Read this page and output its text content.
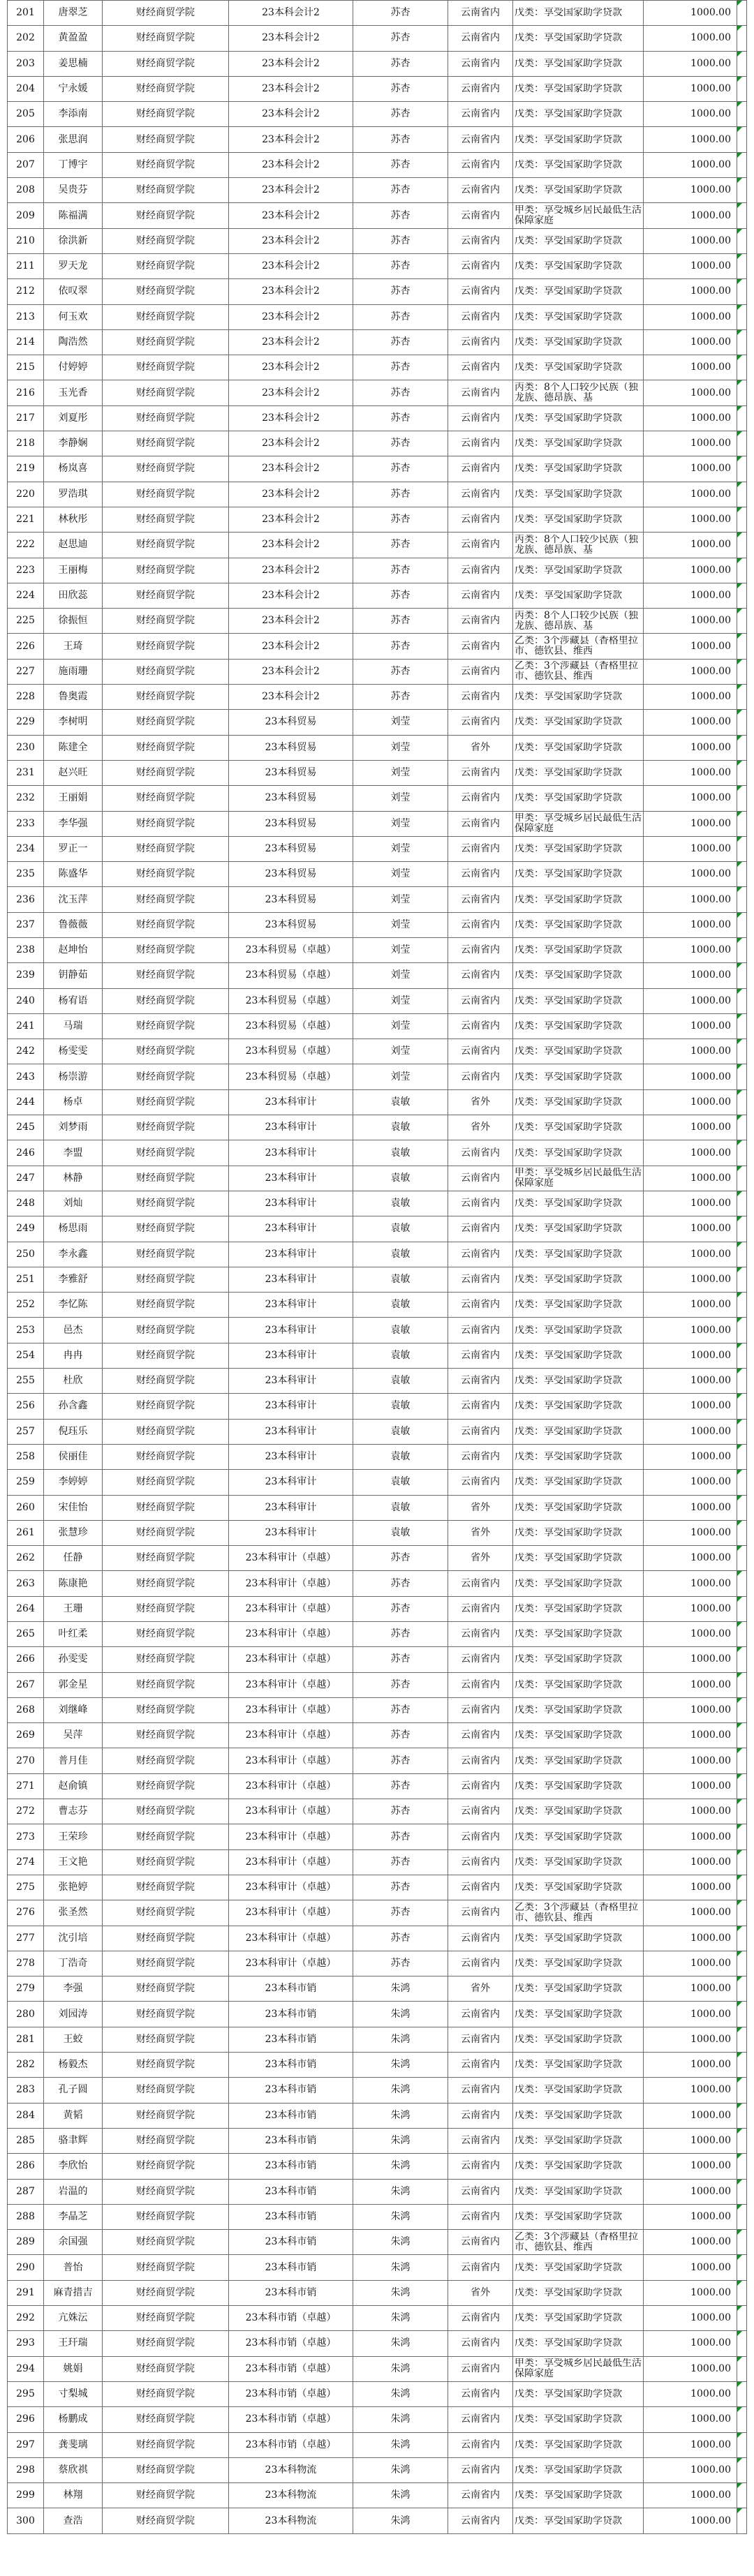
201	唐翠芝	财经商贸学院	23本科会计2	苏杏	云南省内	戊类：享受国家助学贷款	1000.00	

202	黄盈盈	财经商贸学院	23本科会计2	苏杏	云南省内	戊类：享受国家助学贷款	1000.00	

203	姜思楠	财经商贸学院	23本科会计2	苏杏	云南省内	戊类：享受国家助学贷款	1000.00	

204	宁永媛	财经商贸学院	23本科会计2	苏杏	云南省内	戊类：享受国家助学贷款	1000.00	

205	李添南	财经商贸学院	23本科会计2	苏杏	云南省内	戊类：享受国家助学贷款	1000.00	

206	张思润	财经商贸学院	23本科会计2	苏杏	云南省内	戊类：享受国家助学贷款	1000.00	

207	丁博宇	财经商贸学院	23本科会计2	苏杏	云南省内	戊类：享受国家助学贷款	1000.00	

208	吴贵芬	财经商贸学院	23本科会计2	苏杏	云南省内	戊类：享受国家助学贷款	1000.00	

209	陈福满	财经商贸学院	23本科会计2	苏杏	云南省内	甲类：享受城乡居民最低生活保障家庭	1000.00	

210	徐洪新	财经商贸学院	23本科会计2	苏杏	云南省内	戊类：享受国家助学贷款	1000.00	

211	罗天龙	财经商贸学院	23本科会计2	苏杏	云南省内	戊类：享受国家助学贷款	1000.00	

212	依叹翠	财经商贸学院	23本科会计2	苏杏	云南省内	戊类：享受国家助学贷款	1000.00	

213	何玉欢	财经商贸学院	23本科会计2	苏杏	云南省内	戊类：享受国家助学贷款	1000.00	

214	陶浩然	财经商贸学院	23本科会计2	苏杏	云南省内	戊类：享受国家助学贷款	1000.00	

215	付婷婷	财经商贸学院	23本科会计2	苏杏	云南省内	戊类：享受国家助学贷款	1000.00	

216	玉光香	财经商贸学院	23本科会计2	苏杏	云南省内	丙类：8个人口较少民族（独龙族、德昂族、基	1000.00	

217	刘夏彤	财经商贸学院	23本科会计2	苏杏	云南省内	戊类：享受国家助学贷款	1000.00	

218	李静娴	财经商贸学院	23本科会计2	苏杏	云南省内	戊类：享受国家助学贷款	1000.00	

219	杨岚喜	财经商贸学院	23本科会计2	苏杏	云南省内	戊类：享受国家助学贷款	1000.00	

220	罗浩琪	财经商贸学院	23本科会计2	苏杏	云南省内	戊类：享受国家助学贷款	1000.00	

221	林秋彤	财经商贸学院	23本科会计2	苏杏	云南省内	戊类：享受国家助学贷款	1000.00	

222	赵思迪	财经商贸学院	23本科会计2	苏杏	云南省内	丙类：8个人口较少民族（独龙族、德昂族、基	1000.00	

223	王丽梅	财经商贸学院	23本科会计2	苏杏	云南省内	戊类：享受国家助学贷款	1000.00	

224	田欣蕊	财经商贸学院	23本科会计2	苏杏	云南省内	戊类：享受国家助学贷款	1000.00	

225	徐振恒	财经商贸学院	23本科会计2	苏杏	云南省内	丙类：8个人口较少民族（独龙族、德昂族、基	1000.00	

226	王琦	财经商贸学院	23本科会计2	苏杏	云南省内	乙类：3个涉藏县（香格里拉市、德钦县、维西	1000.00	

227	施雨珊	财经商贸学院	23本科会计2	苏杏	云南省内	乙类：3个涉藏县（香格里拉市、德钦县、维西	1000.00	

228	鲁奥霞	财经商贸学院	23本科会计2	苏杏	云南省内	戊类：享受国家助学贷款	1000.00	

229	李树明	财经商贸学院	23本科贸易	刘莹	云南省内	戊类：享受国家助学贷款	1000.00	

230	陈建全	财经商贸学院	23本科贸易	刘莹	省外	戊类：享受国家助学贷款	1000.00	

231	赵兴旺	财经商贸学院	23本科贸易	刘莹	云南省内	戊类：享受国家助学贷款	1000.00	

232	王丽娟	财经商贸学院	23本科贸易	刘莹	云南省内	戊类：享受国家助学贷款	1000.00	

233	李华强	财经商贸学院	23本科贸易	刘莹	云南省内	甲类：享受城乡居民最低生活保障家庭	1000.00	

234	罗正一	财经商贸学院	23本科贸易	刘莹	云南省内	戊类：享受国家助学贷款	1000.00	

235	陈盛华	财经商贸学院	23本科贸易	刘莹	云南省内	戊类：享受国家助学贷款	1000.00	

236	沈玉萍	财经商贸学院	23本科贸易	刘莹	云南省内	戊类：享受国家助学贷款	1000.00	

237	鲁薇薇	财经商贸学院	23本科贸易	刘莹	云南省内	戊类：享受国家助学贷款	1000.00	

238	赵坤怡	财经商贸学院	23本科贸易（卓越）	刘莹	云南省内	戊类：享受国家助学贷款	1000.00	

239	钥静茹	财经商贸学院	23本科贸易（卓越）	刘莹	云南省内	戊类：享受国家助学贷款	1000.00	

240	杨宥语	财经商贸学院	23本科贸易（卓越）	刘莹	云南省内	戊类：享受国家助学贷款	1000.00	

241	马瑞	财经商贸学院	23本科贸易（卓越）	刘莹	云南省内	戊类：享受国家助学贷款	1000.00	

242	杨雯雯	财经商贸学院	23本科贸易（卓越）	刘莹	云南省内	戊类：享受国家助学贷款	1000.00	

243	杨崇游	财经商贸学院	23本科贸易（卓越）	刘莹	云南省内	戊类：享受国家助学贷款	1000.00	

244	杨卓	财经商贸学院	23本科审计	袁敏	省外	戊类：享受国家助学贷款	1000.00	

245	刘梦雨	财经商贸学院	23本科审计	袁敏	省外	戊类：享受国家助学贷款	1000.00	

246	李盟	财经商贸学院	23本科审计	袁敏	云南省内	戊类：享受国家助学贷款	1000.00	

247	林静	财经商贸学院	23本科审计	袁敏	云南省内	甲类：享受城乡居民最低生活保障家庭	1000.00	

248	刘灿	财经商贸学院	23本科审计	袁敏	云南省内	戊类：享受国家助学贷款	1000.00	

249	杨思雨	财经商贸学院	23本科审计	袁敏	云南省内	戊类：享受国家助学贷款	1000.00	

250	李永鑫	财经商贸学院	23本科审计	袁敏	云南省内	戊类：享受国家助学贷款	1000.00	

251	李雅舒	财经商贸学院	23本科审计	袁敏	云南省内	戊类：享受国家助学贷款	1000.00	

252	李忆陈	财经商贸学院	23本科审计	袁敏	云南省内	戊类：享受国家助学贷款	1000.00	

253	邑杰	财经商贸学院	23本科审计	袁敏	云南省内	戊类：享受国家助学贷款	1000.00	

254	冉冉	财经商贸学院	23本科审计	袁敏	云南省内	戊类：享受国家助学贷款	1000.00	

255	杜欣	财经商贸学院	23本科审计	袁敏	云南省内	戊类：享受国家助学贷款	1000.00	

256	孙含鑫	财经商贸学院	23本科审计	袁敏	云南省内	戊类：享受国家助学贷款	1000.00	

257	倪珏乐	财经商贸学院	23本科审计	袁敏	云南省内	戊类：享受国家助学贷款	1000.00	

258	侯丽佳	财经商贸学院	23本科审计	袁敏	云南省内	戊类：享受国家助学贷款	1000.00	

259	李婷婷	财经商贸学院	23本科审计	袁敏	云南省内	戊类：享受国家助学贷款	1000.00	

260	宋佳怡	财经商贸学院	23本科审计	袁敏	省外	戊类：享受国家助学贷款	1000.00	

261	张慧珍	财经商贸学院	23本科审计	袁敏	省外	戊类：享受国家助学贷款	1000.00	

262	任静	财经商贸学院	23本科审计（卓越）	苏杏	省外	戊类：享受国家助学贷款	1000.00	

263	陈康艳	财经商贸学院	23本科审计（卓越）	苏杏	云南省内	戊类：享受国家助学贷款	1000.00	

264	王珊	财经商贸学院	23本科审计（卓越）	苏杏	云南省内	戊类：享受国家助学贷款	1000.00	

265	叶红柔	财经商贸学院	23本科审计（卓越）	苏杏	云南省内	戊类：享受国家助学贷款	1000.00	

266	孙雯雯	财经商贸学院	23本科审计（卓越）	苏杏	云南省内	戊类：享受国家助学贷款	1000.00	

267	郭金星	财经商贸学院	23本科审计（卓越）	苏杏	云南省内	戊类：享受国家助学贷款	1000.00	

268	刘继峰	财经商贸学院	23本科审计（卓越）	苏杏	云南省内	戊类：享受国家助学贷款	1000.00	

269	吴萍	财经商贸学院	23本科审计（卓越）	苏杏	云南省内	戊类：享受国家助学贷款	1000.00	

270	普月佳	财经商贸学院	23本科审计（卓越）	苏杏	云南省内	戊类：享受国家助学贷款	1000.00	

271	赵俞镇	财经商贸学院	23本科审计（卓越）	苏杏	云南省内	戊类：享受国家助学贷款	1000.00	

272	曹志芬	财经商贸学院	23本科审计（卓越）	苏杏	云南省内	戊类：享受国家助学贷款	1000.00	

273	王荣珍	财经商贸学院	23本科审计（卓越）	苏杏	云南省内	戊类：享受国家助学贷款	1000.00	

274	王文艳	财经商贸学院	23本科审计（卓越）	苏杏	云南省内	戊类：享受国家助学贷款	1000.00	

275	张艳婷	财经商贸学院	23本科审计（卓越）	苏杏	云南省内	戊类：享受国家助学贷款	1000.00	

276	张圣然	财经商贸学院	23本科审计（卓越）	苏杏	云南省内	乙类：3个涉藏县（香格里拉市、德钦县、维西	1000.00	

277	沈引培	财经商贸学院	23本科审计（卓越）	苏杏	云南省内	戊类：享受国家助学贷款	1000.00	

278	丁浩奇	财经商贸学院	23本科审计（卓越）	苏杏	云南省内	戊类：享受国家助学贷款	1000.00	

279	李强	财经商贸学院	23本科市销	朱鸿	省外	戊类：享受国家助学贷款	1000.00	

280	刘园涛	财经商贸学院	23本科市销	朱鸿	云南省内	戊类：享受国家助学贷款	1000.00	

281	王蛟	财经商贸学院	23本科市销	朱鸿	云南省内	戊类：享受国家助学贷款	1000.00	

282	杨毅杰	财经商贸学院	23本科市销	朱鸿	云南省内	戊类：享受国家助学贷款	1000.00	

283	孔子圆	财经商贸学院	23本科市销	朱鸿	云南省内	戊类：享受国家助学贷款	1000.00	

284	黄韬	财经商贸学院	23本科市销	朱鸿	云南省内	戊类：享受国家助学贷款	1000.00	

285	骆聿辉	财经商贸学院	23本科市销	朱鸿	云南省内	戊类：享受国家助学贷款	1000.00	

286	李欣怡	财经商贸学院	23本科市销	朱鸿	云南省内	戊类：享受国家助学贷款	1000.00	

287	岩温的	财经商贸学院	23本科市销	朱鸿	云南省内	戊类：享受国家助学贷款	1000.00	

288	李晶芝	财经商贸学院	23本科市销	朱鸿	云南省内	戊类：享受国家助学贷款	1000.00	

289	余国强	财经商贸学院	23本科市销	朱鸿	云南省内	乙类：3个涉藏县（香格里拉市、德钦县、维西	1000.00	

290	普怡	财经商贸学院	23本科市销	朱鸿	云南省内	戊类：享受国家助学贷款	1000.00	

291	麻青措吉	财经商贸学院	23本科市销	朱鸿	省外	戊类：享受国家助学贷款	1000.00	

292	亢姝沄	财经商贸学院	23本科市销（卓越）	朱鸿	云南省内	戊类：享受国家助学贷款	1000.00	

293	王玕瑞	财经商贸学院	23本科市销（卓越）	朱鸿	云南省内	戊类：享受国家助学贷款	1000.00	

294	姚娟	财经商贸学院	23本科市销（卓越）	朱鸿	云南省内	甲类：享受城乡居民最低生活保障家庭	1000.00	

295	寸梨城	财经商贸学院	23本科市销（卓越）	朱鸿	云南省内	戊类：享受国家助学贷款	1000.00	

296	杨鹏成	财经商贸学院	23本科市销（卓越）	朱鸿	云南省内	戊类：享受国家助学贷款	1000.00	

297	龚斐璃	财经商贸学院	23本科市销（卓越）	朱鸿	云南省内	戊类：享受国家助学贷款	1000.00	

298	蔡欣祺	财经商贸学院	23本科物流	朱鸿	云南省内	戊类：享受国家助学贷款	1000.00	

299	林翔	财经商贸学院	23本科物流	朱鸿	云南省内	戊类：享受国家助学贷款	1000.00	

300	查浩	财经商贸学院	23本科物流	朱鸿	云南省内	戊类：享受国家助学贷款	1000.00	
